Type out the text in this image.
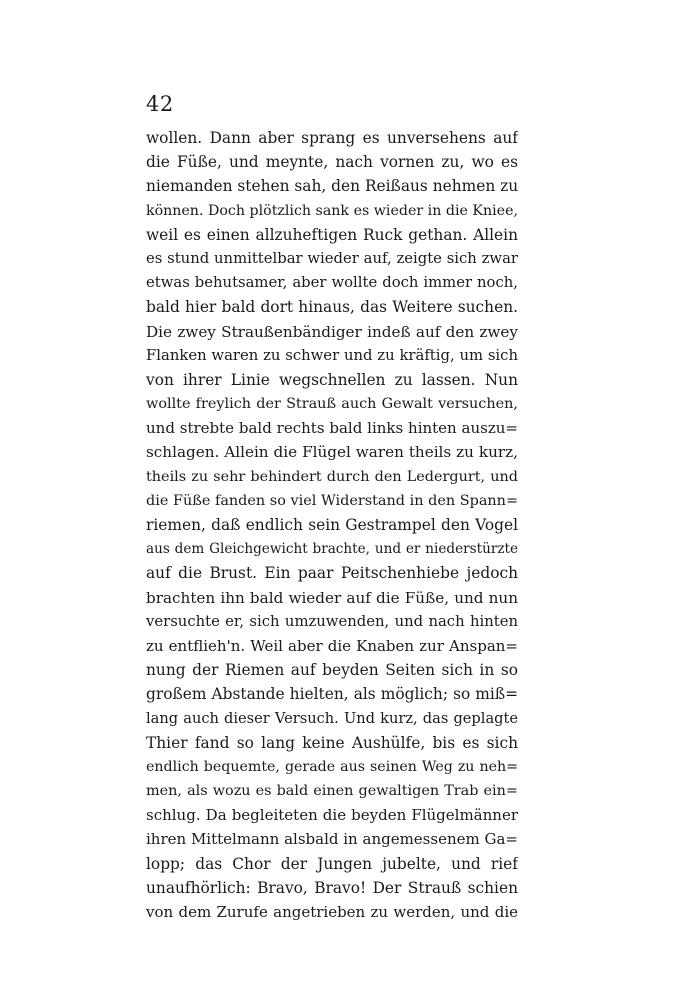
42
wollen. Dann aber sprang es unversehens auf
die Füße, und meynte, nach vornen zu, wo es
niemanden stehen sah, den Reißaus nehmen zu
können. Doch plötzlich sank es wieder in die Kniee,
weil es einen allzuheftigen Ruck gethan. Allein
es stund unmittelbar wieder auf, zeigte sich zwar
etwas behutsamer, aber wollte doch immer noch,
bald hier bald dort hinaus, das Weitere suchen.
Die zwey Straußenbändiger indeß auf den zwey
Flanken waren zu schwer und zu kräftig, um sich
von ihrer Linie wegschnellen zu lassen. Nun
wollte freylich der Strauß auch Gewalt versuchen,
und strebte bald rechts bald links hinten auszu=
schlagen. Allein die Flügel waren theils zu kurz,
theils zu sehr behindert durch den Ledergurt, und
die Füße fanden so viel Widerstand in den Spann=
riemen, daß endlich sein Gestrampel den Vogel
aus dem Gleichgewicht brachte, und er niederstürzte
auf die Brust. Ein paar Peitschenhiebe jedoch
brachten ihn bald wieder auf die Füße, und nun
versuchte er, sich umzuwenden, und nach hinten
zu entflieh'n. Weil aber die Knaben zur Anspan=
nung der Riemen auf beyden Seiten sich in so
großem Abstande hielten, als möglich; so miß=
lang auch dieser Versuch. Und kurz, das geplagte
Thier fand so lang keine Aushülfe, bis es sich
endlich bequemte, gerade aus seinen Weg zu neh=
men, als wozu es bald einen gewaltigen Trab ein=
schlug. Da begleiteten die beyden Flügelmänner
ihren Mittelmann alsbald in angemessenem Ga=
lopp; das Chor der Jungen jubelte, und rief
unaufhörlich: Bravo, Bravo! Der Strauß schien
von dem Zurufe angetrieben zu werden, und die
